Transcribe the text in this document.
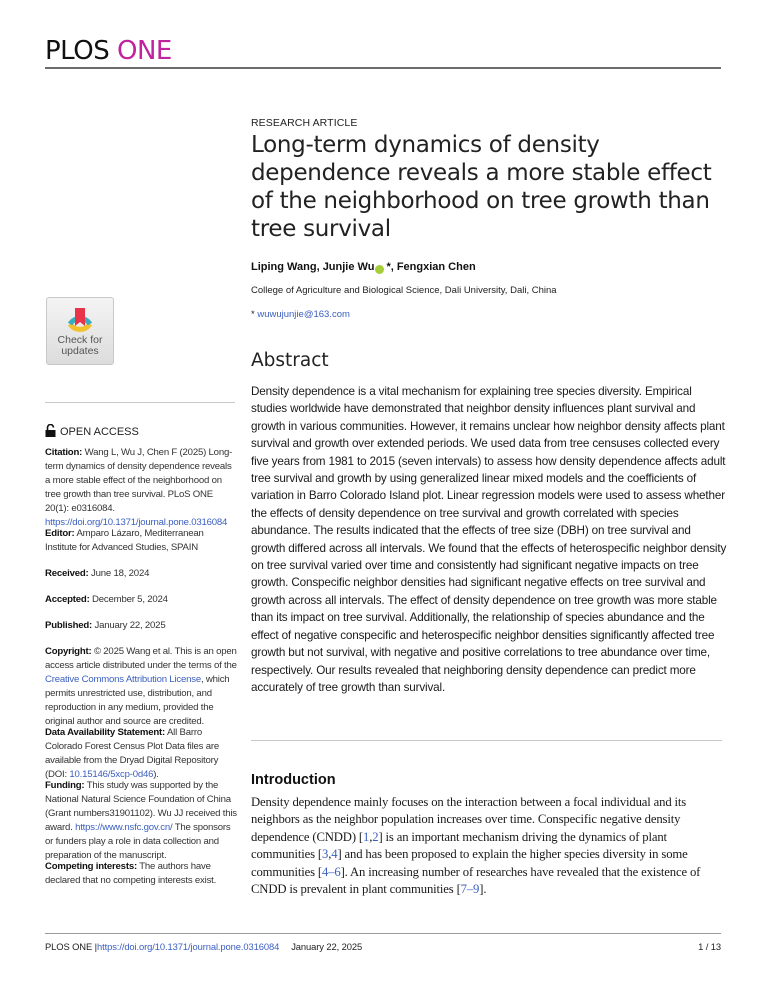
PLOS ONE
Check for
updates
OPEN ACCESS
Citation: Wang L, Wu J, Chen F (2025) Long-term dynamics of density dependence reveals a more stable effect of the neighborhood on tree growth than tree survival. PLoS ONE 20(1): e0316084. https://doi.org/10.1371/journal.pone.0316084
Editor: Amparo Lázaro, Mediterranean Institute for Advanced Studies, SPAIN
Received: June 18, 2024
Accepted: December 5, 2024
Published: January 22, 2025
Copyright: © 2025 Wang et al. This is an open access article distributed under the terms of the Creative Commons Attribution License, which permits unrestricted use, distribution, and reproduction in any medium, provided the original author and source are credited.
Data Availability Statement: All Barro Colorado Forest Census Plot Data files are available from the Dryad Digital Repository (DOI: 10.15146/5xcp-0d46).
Funding: This study was supported by the National Natural Science Foundation of China (Grant numbers31901102). Wu JJ received this award. https://www.nsfc.gov.cn/ The sponsors or funders play a role in data collection and preparation of the manuscript.
Competing interests: The authors have declared that no competing interests exist.
RESEARCH ARTICLE
Long-term dynamics of density dependence reveals a more stable effect of the neighborhood on tree growth than tree survival
Liping Wang, Junjie Wu *, Fengxian Chen
College of Agriculture and Biological Science, Dali University, Dali, China
* wuwujunjie@163.com
Abstract

Density dependence is a vital mechanism for explaining tree species diversity. Empirical studies worldwide have demonstrated that neighbor density influences plant survival and growth in various communities. However, it remains unclear how neighbor density affects plant survival and growth over extended periods. We used data from tree censuses collected every five years from 1981 to 2015 (seven intervals) to assess how density dependence affects adult tree survival and growth by using generalized linear mixed models and the coefficients of variation in Barro Colorado Island plot. Linear regression models were used to assess whether the effects of density dependence on tree survival and growth correlated with species abundance. The results indicated that the effects of tree size (DBH) on tree survival and growth differed across all intervals. We found that the effects of heterospecific neighbor density on tree survival varied over time and consistently had significant negative impacts on tree growth. Conspecific neighbor densities had significant negative effects on tree survival and growth across all intervals. The effect of density dependence on tree growth was more stable than its impact on tree survival. Additionally, the relationship of species abundance and the effect of negative conspecific and heterospecific neighbor densities significantly affected tree growth but not survival, with negative and positive correlations to tree abundance over time, respectively. Our results revealed that neighboring density dependence can predict more accurately of tree growth than survival.

Introduction

Density dependence mainly focuses on the interaction between a focal individual and its neighbors as the neighbor population increases over time. Conspecific negative density dependence (CNDD) [1,2] is an important mechanism driving the dynamics of plant communities [3,4] and has been proposed to explain the higher species diversity in some communities [4–6]. An increasing number of researches have revealed that the existence of CNDD is prevalent in plant communities [7–9].

PLOS ONE | https://doi.org/10.1371/journal.pone.0316084 January 22, 2025	1 / 13
